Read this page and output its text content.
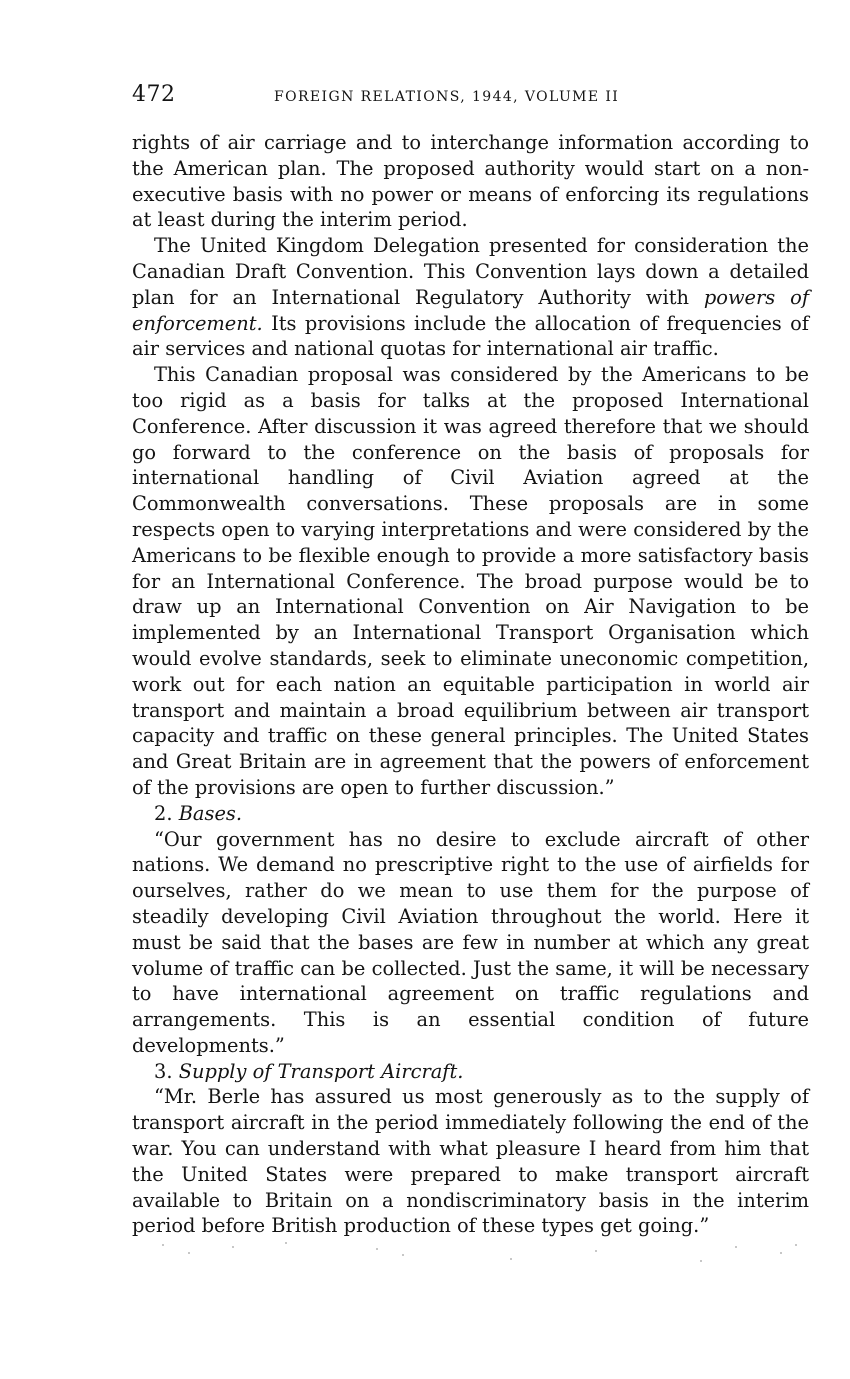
472	FOREIGN RELATIONS, 1944, VOLUME II

rights of air carriage and to interchange information according to the American plan. The proposed authority would start on a non-executive basis with no power or means of enforcing its regulations at least during the interim period.

The United Kingdom Delegation presented for consideration the Canadian Draft Convention. This Convention lays down a detailed plan for an International Regulatory Authority with powers of enforcement. Its provisions include the allocation of frequencies of air services and national quotas for international air traffic.

This Canadian proposal was considered by the Americans to be too rigid as a basis for talks at the proposed International Conference. After discussion it was agreed therefore that we should go forward to the conference on the basis of proposals for international handling of Civil Aviation agreed at the Commonwealth conversations. These proposals are in some respects open to varying interpretations and were considered by the Americans to be flexible enough to provide a more satisfactory basis for an International Conference. The broad purpose would be to draw up an International Convention on Air Navigation to be implemented by an International Transport Organisation which would evolve standards, seek to eliminate uneconomic competition, work out for each nation an equitable participation in world air transport and maintain a broad equilibrium between air transport capacity and traffic on these general principles. The United States and Great Britain are in agreement that the powers of enforcement of the provisions are open to further discussion.”

2. Bases.

“Our government has no desire to exclude aircraft of other nations. We demand no prescriptive right to the use of airfields for ourselves, rather do we mean to use them for the purpose of steadily developing Civil Aviation throughout the world. Here it must be said that the bases are few in number at which any great volume of traffic can be collected. Just the same, it will be necessary to have international agreement on traffic regulations and arrangements. This is an essential condition of future developments.”

3. Supply of Transport Aircraft.

“Mr. Berle has assured us most generously as to the supply of transport aircraft in the period immediately following the end of the war. You can understand with what pleasure I heard from him that the United States were prepared to make transport aircraft available to Britain on a nondiscriminatory basis in the interim period before British production of these types get going.”
